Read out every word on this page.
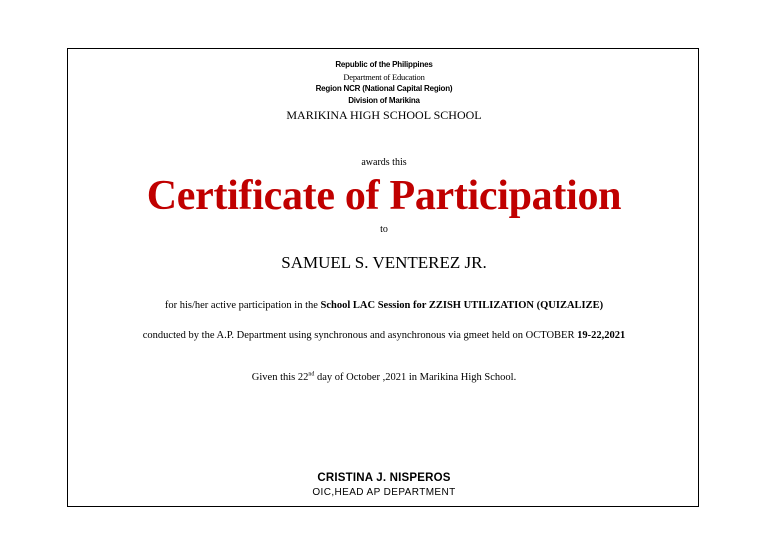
Republic of the Philippines
Department of Education
Region NCR (National Capital Region)
Division of Marikina
MARIKINA HIGH SCHOOL SCHOOL
awards this
Certificate of Participation
to
SAMUEL S. VENTEREZ JR.
for his/her active participation in the School LAC Session for ZZISH UTILIZATION (QUIZALIZE)
conducted by the A.P. Department using synchronous and asynchronous via gmeet held on OCTOBER 19-22,2021
Given this 22nd day of October ,2021 in Marikina High School.
CRISTINA J. NISPEROS
OIC,HEAD AP DEPARTMENT
